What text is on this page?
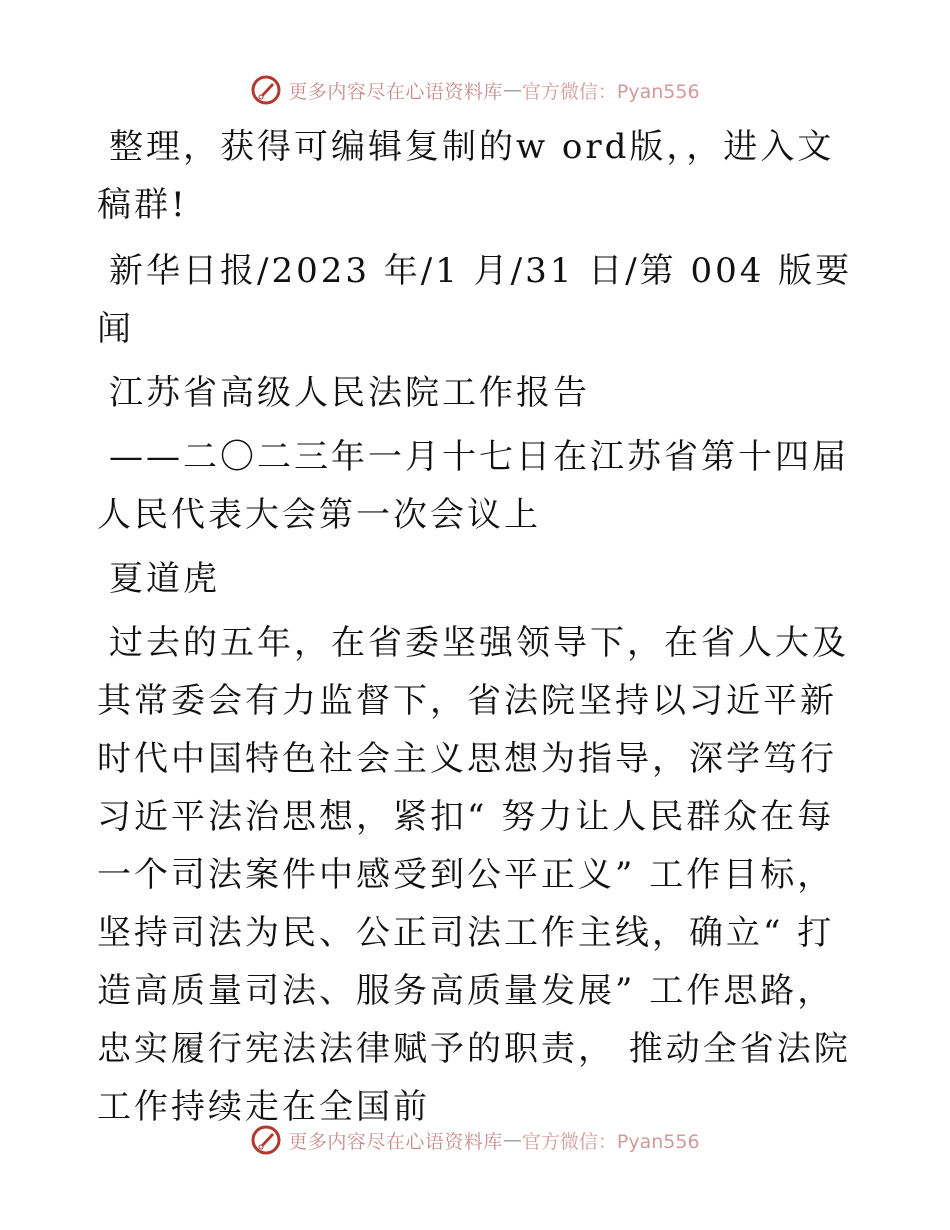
更多内容尽在心语资料库 — 官方微信：Pyan556

整理，获得可编辑复制的w ord版，，进入文稿群!

新华日报/2023 年/1 月/31 日/第 004 版要闻

江苏省高级人民法院工作报告

——二〇二三年一月十七日在江苏省第十四届人民代表大会第一次会议上

夏道虎

过去的五年，在省委坚强领导下，在省人大及其常委会有力监督下，省法院坚持以习近平新时代中国特色社会主义思想为指导，深学笃行习近平法治思想，紧扣“ 努力让人民群众在每一个司法案件中感受到公平正义” 工作目标，坚持司法为民、公正司法工作主线，确立“ 打造高质量司法、服务高质量发展” 工作思路， 忠实履行宪法法律赋予的职责， 推动全省法院工作持续走在全国前

更多内容尽在心语资料库 — 官方微信：Pyan556
